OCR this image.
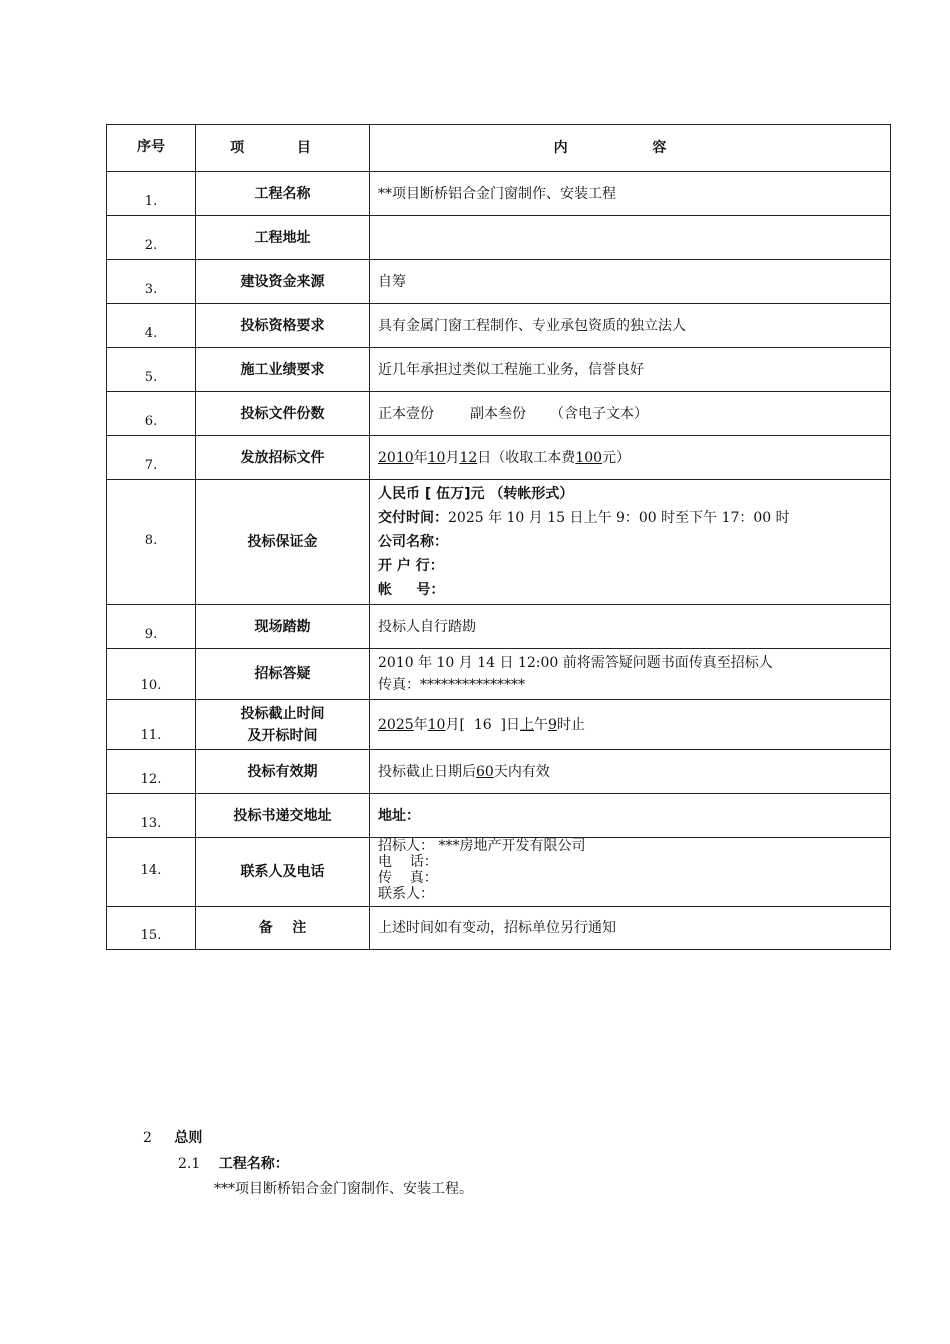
序号	项 目	内 容
1.	工程名称	**项目断桥铝合金门窗制作、安装工程
2.	工程地址	
3.	建设资金来源	自筹
4.	投标资格要求	具有金属门窗工程制作、专业承包资质的独立法人
5.	施工业绩要求	近几年承担过类似工程施工业务，信誉良好
6.	投标文件份数	正本壹份 副本叁份 （含电子文本）
7.	发放招标文件	2010年10月12日（收取工本费100元）
8.	投标保证金	人民币 [ 伍万]元 （转帐形式）
交付时间：2025 年 10 月 15 日上午 9：00 时至下午 17：00 时
公司名称：
开 户 行：
帐     号：

9.	现场踏勘	投标人自行踏勘
10.	招标答疑	2010 年 10 月 14 日 12:00 前将需答疑问题书面传真至招标人
传真：***************

11.	投标截止时间
及开标时间	2025年10月[  16  ]日上午9时止
12.	投标有效期	投标截止日期后60天内有效
13.	投标书递交地址	地址：
14.	联系人及电话	招标人： ***房地产开发有限公司
电    话：
传    真：
联系人：

15.	备    注	上述时间如有变动，招标单位另行通知
2 总则
2.1 工程名称：
***项目断桥铝合金门窗制作、安装工程。
